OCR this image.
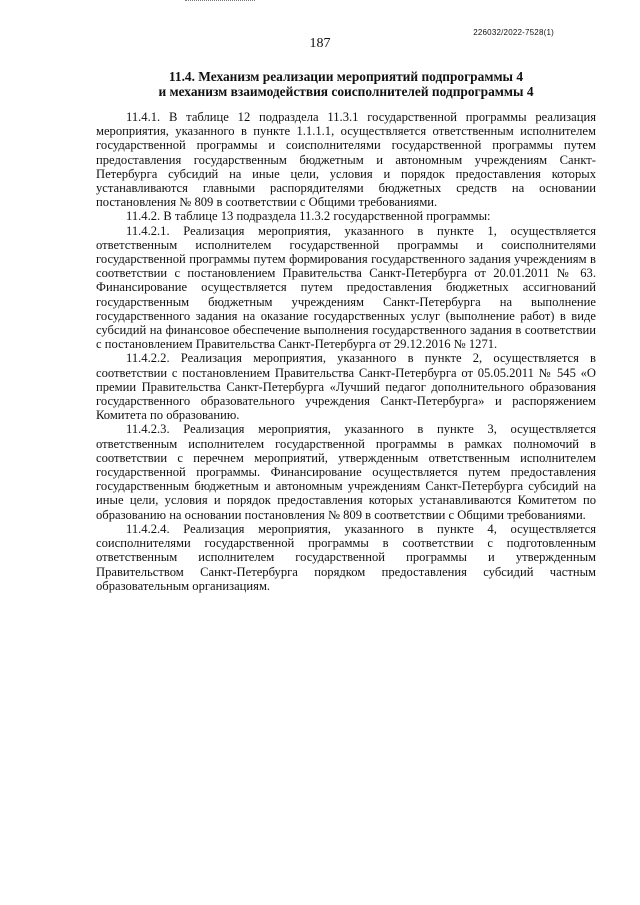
187
226032/2022-7528(1)
11.4. Механизм реализации мероприятий подпрограммы 4
и механизм взаимодействия соисполнителей подпрограммы 4

11.4.1. В таблице 12 подраздела 11.3.1 государственной программы реализация мероприятия, указанного в пункте 1.1.1.1, осуществляется ответственным исполнителем государственной программы и соисполнителями государственной программы путем предоставления государственным бюджетным и автономным учреждениям Санкт-Петербурга субсидий на иные цели, условия и порядок предоставления которых устанавливаются главными распорядителями бюджетных средств на основании постановления № 809 в соответствии с Общими требованиями.

11.4.2. В таблице 13 подраздела 11.3.2 государственной программы:

11.4.2.1. Реализация мероприятия, указанного в пункте 1, осуществляется ответственным исполнителем государственной программы и соисполнителями государственной программы путем формирования государственного задания учреждениям в соответствии с постановлением Правительства Санкт-Петербурга от 20.01.2011 № 63. Финансирование осуществляется путем предоставления бюджетных ассигнований государственным бюджетным учреждениям Санкт-Петербурга на выполнение государственного задания на оказание государственных услуг (выполнение работ) в виде субсидий на финансовое обеспечение выполнения государственного задания в соответствии с постановлением Правительства Санкт-Петербурга от 29.12.2016 № 1271.

11.4.2.2. Реализация мероприятия, указанного в пункте 2, осуществляется в соответствии с постановлением Правительства Санкт-Петербурга от 05.05.2011 № 545 «О премии Правительства Санкт-Петербурга «Лучший педагог дополнительного образования государственного образовательного учреждения Санкт-Петербурга» и распоряжением Комитета по образованию.

11.4.2.3. Реализация мероприятия, указанного в пункте 3, осуществляется ответственным исполнителем государственной программы в рамках полномочий в соответствии с перечнем мероприятий, утвержденным ответственным исполнителем государственной программы. Финансирование осуществляется путем предоставления государственным бюджетным и автономным учреждениям Санкт-Петербурга субсидий на иные цели, условия и порядок предоставления которых устанавливаются Комитетом по образованию на основании постановления № 809 в соответствии с Общими требованиями.

11.4.2.4. Реализация мероприятия, указанного в пункте 4, осуществляется соисполнителями государственной программы в соответствии с подготовленным ответственным исполнителем государственной программы и утвержденным Правительством Санкт-Петербурга порядком предоставления субсидий частным образовательным организациям.
